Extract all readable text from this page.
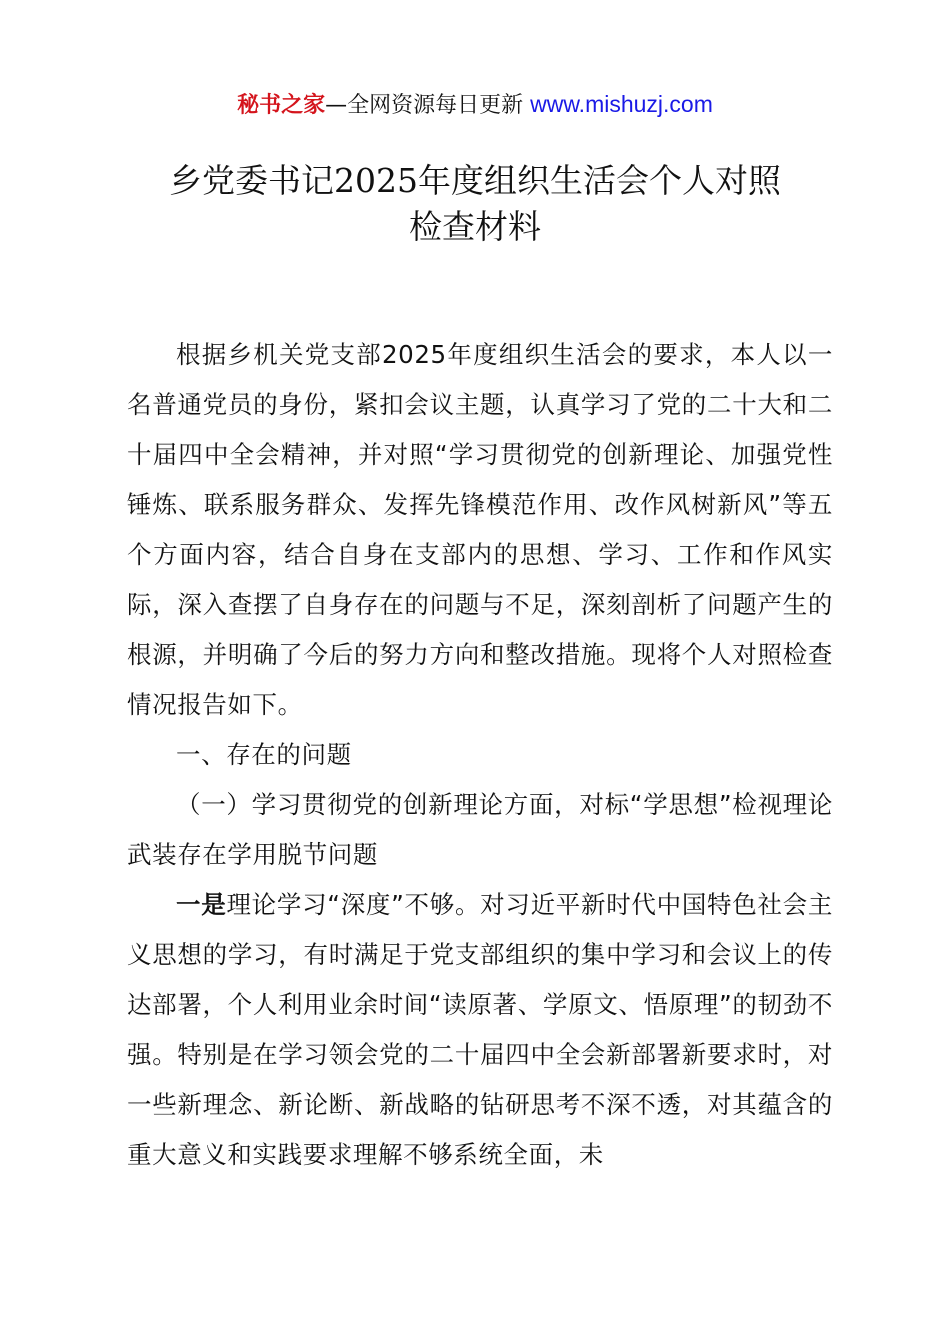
秘书之家—全网资源每日更新 www.mishuzj.com
乡党委书记2025年度组织生活会个人对照
检查材料

根据乡机关党支部2025年度组织生活会的要求，本人以一名普通党员的身份，紧扣会议主题，认真学习了党的二十大和二十届四中全会精神，并对照“学习贯彻党的创新理论、加强党性锤炼、联系服务群众、发挥先锋模范作用、改作风树新风”等五个方面内容，结合自身在支部内的思想、学习、工作和作风实际，深入查摆了自身存在的问题与不足，深刻剖析了问题产生的根源，并明确了今后的努力方向和整改措施。现将个人对照检查情况报告如下。

一、存在的问题

（一）学习贯彻党的创新理论方面，对标“学思想”检视理论武装存在学用脱节问题

一是理论学习“深度”不够。对习近平新时代中国特色社会主义思想的学习，有时满足于党支部组织的集中学习和会议上的传达部署，个人利用业余时间“读原著、学原文、悟原理”的韧劲不强。特别是在学习领会党的二十届四中全会新部署新要求时，对一些新理念、新论断、新战略的钻研思考不深不透，对其蕴含的重大意义和实践要求理解不够系统全面，未
